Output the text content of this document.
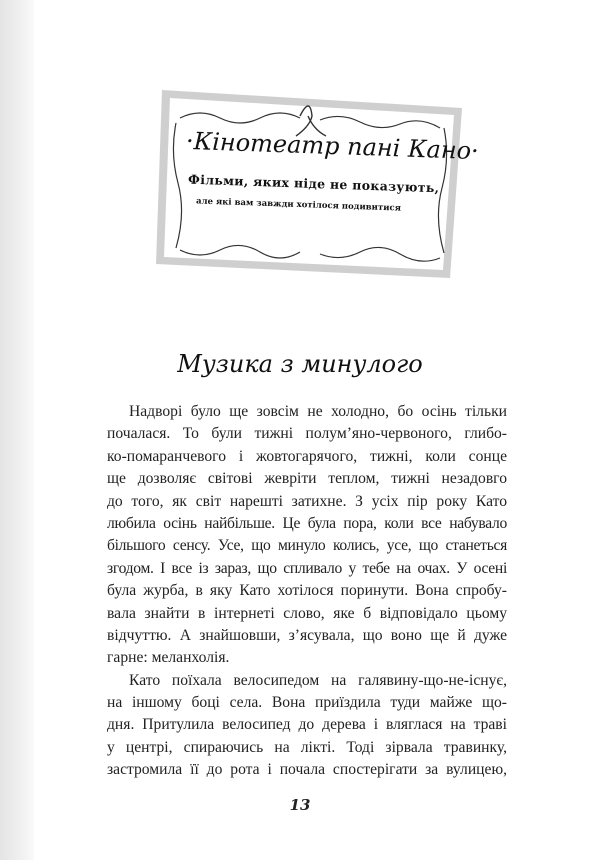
·Кінотеатр пані Кано·
Фільми, яких ніде не показують,
але які вам завжди хотілося подивитися
Музика з минулого
Надворі було ще зовсім не холодно, бо осінь тільки
почалася. То були тижні полум’яно-червоного, глибо-
ко-помаранчевого і жовтогарячого, тижні, коли сонце
ще дозволяє світові жевріти теплом, тижні незадовго
до того, як світ нарешті затихне. З усіх пір року Като
любила осінь найбільше. Це була пора, коли все набувало
більшого сенсу. Усе, що минуло колись, усе, що станеться
згодом. І все із зараз, що спливало у тебе на очах. У осені
була журба, в яку Като хотілося поринути. Вона спробу-
вала знайти в інтернеті слово, яке б відповідало цьому
відчуттю. А знайшовши, з’ясувала, що воно ще й дуже
гарне: меланхолія.
Като поїхала велосипедом на галявину-що-не-існує,
на іншому боці села. Вона приїздила туди майже що-
дня. Притулила велосипед до дерева і вляглася на траві
у центрі, спираючись на лікті. Тоді зірвала травинку,
застромила її до рота і почала спостерігати за вулицею,
13
